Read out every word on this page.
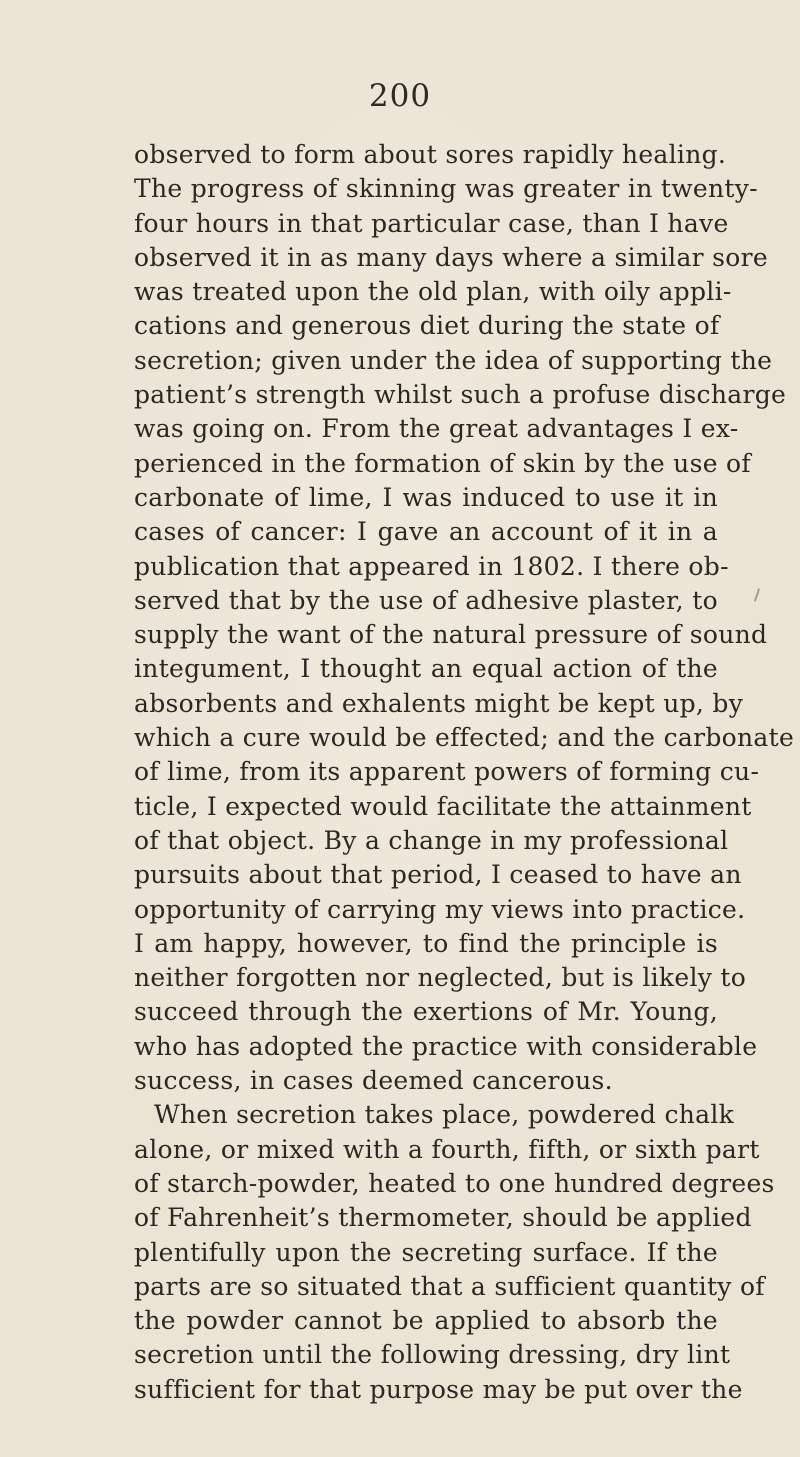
200
observed to form about sores rapidly healing.
The progress of skinning was greater in twenty-
four hours in that particular case, than I have
observed it in as many days where a similar sore
was treated upon the old plan, with oily appli-
cations and generous diet during the state of
secretion; given under the idea of supporting the
patient’s strength whilst such a profuse discharge
was going on. From the great advantages I ex-
perienced in the formation of skin by the use of
carbonate of lime, I was induced to use it in
cases of cancer: I gave an account of it in a
publication that appeared in 1802. I there ob-
served that by the use of adhesive plaster, to
supply the want of the natural pressure of sound
integument, I thought an equal action of the
absorbents and exhalents might be kept up, by
which a cure would be effected; and the carbonate
of lime, from its apparent powers of forming cu-
ticle, I expected would facilitate the attainment
of that object. By a change in my professional
pursuits about that period, I ceased to have an
opportunity of carrying my views into practice.
I am happy, however, to find the principle is
neither forgotten nor neglected, but is likely to
succeed through the exertions of Mr. Young,
who has adopted the practice with considerable
success, in cases deemed cancerous.
When secretion takes place, powdered chalk
alone, or mixed with a fourth, fifth, or sixth part
of starch-powder, heated to one hundred degrees
of Fahrenheit’s thermometer, should be applied
plentifully upon the secreting surface. If the
parts are so situated that a sufficient quantity of
the powder cannot be applied to absorb the
secretion until the following dressing, dry lint
sufficient for that purpose may be put over the
